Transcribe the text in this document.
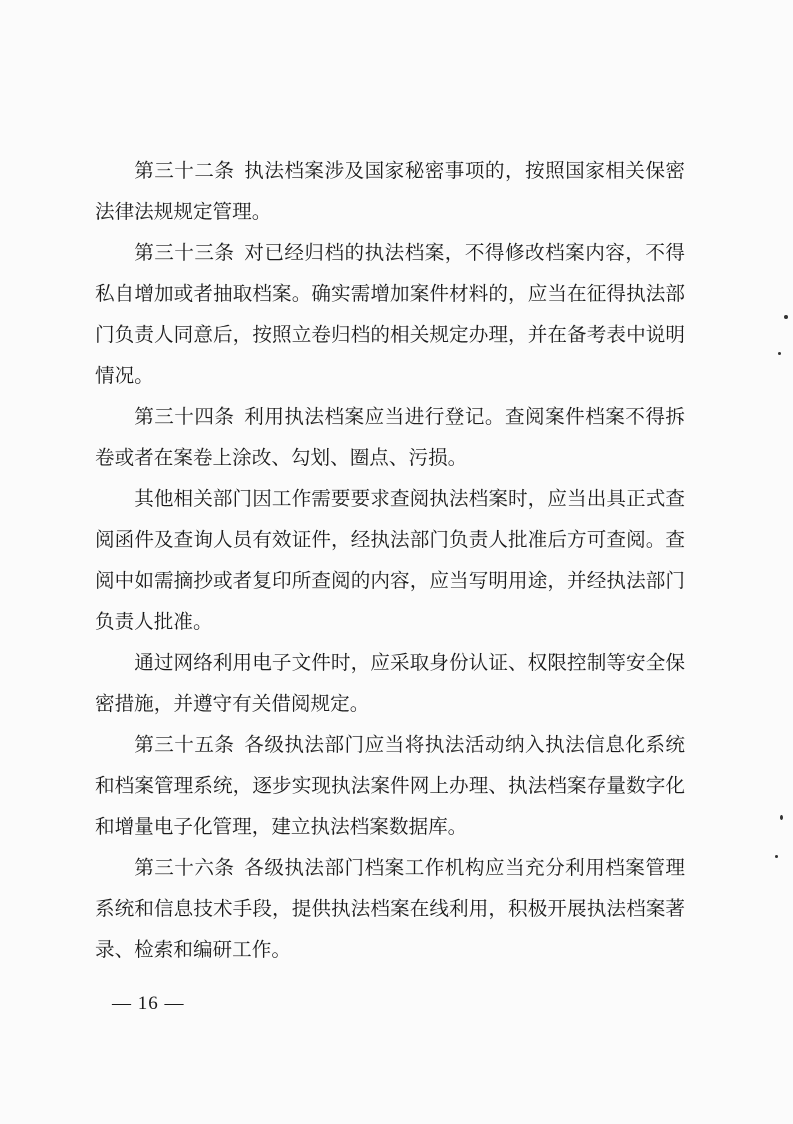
第三十二条 执法档案涉及国家秘密事项的，按照国家相关保密法律法规规定管理。

第三十三条 对已经归档的执法档案，不得修改档案内容，不得私自增加或者抽取档案。确实需增加案件材料的，应当在征得执法部门负责人同意后，按照立卷归档的相关规定办理，并在备考表中说明情况。

第三十四条 利用执法档案应当进行登记。查阅案件档案不得拆卷或者在案卷上涂改、勾划、圈点、污损。

其他相关部门因工作需要要求查阅执法档案时，应当出具正式查阅函件及查询人员有效证件，经执法部门负责人批准后方可查阅。查阅中如需摘抄或者复印所查阅的内容，应当写明用途，并经执法部门负责人批准。

通过网络利用电子文件时，应采取身份认证、权限控制等安全保密措施，并遵守有关借阅规定。

第三十五条 各级执法部门应当将执法活动纳入执法信息化系统和档案管理系统，逐步实现执法案件网上办理、执法档案存量数字化和增量电子化管理，建立执法档案数据库。

第三十六条 各级执法部门档案工作机构应当充分利用档案管理系统和信息技术手段，提供执法档案在线利用，积极开展执法档案著录、检索和编研工作。

— 16 —
